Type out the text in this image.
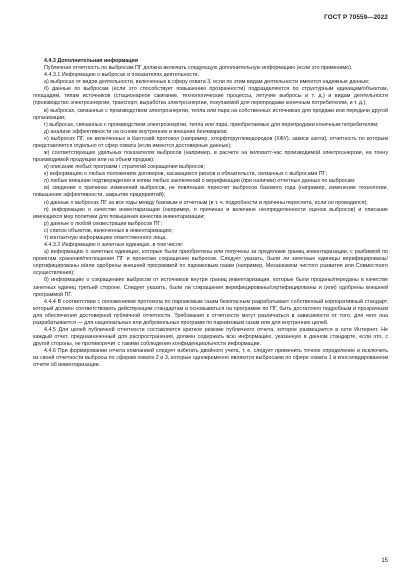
ГОСТ Р 70559—2022

4.4.3 Дополнительная информация

Публичная отчетность по выбросам ПГ должна включать следующую дополнительную информацию (если это применимо).

4.4.3.1 Информацию о выбросах и показателях деятельности.

а) выбросах от видов деятельности, включенных в сферу охвата 3, если по этим видам деятельности имеются надежные данные;

б) данные по выбросам (если это способствует повышению прозрачности) подразделяются по структурным единицам/объектам, площадям, типам источников (стационарное сжигание, технологические процессы, летучие выбросы и т. д.) и видам деятельности (производство электроэнергии, транспорт, выработка электроэнергии, покупаемой для перепродажи конечным потребителям, и т. д.);

в) выбросах, связанных с производством электроэнергии, тепла или пара на собственных источниках для продажи или передачи другой организации;

г) выбросах, связанных с производством электроэнергии, тепла или пара, приобретаемых для перепродажи конечным потребителям;

д) анализе эффективности на основе внутренних и внешних бенчмарков;

е) выбросах ПГ, не включенных в Киотский протокол (например, хлорфторуглеводородов (ХФУ), закиси азота), отчетность по которым представляется отдельно от сфер охвата (если имеются достоверные данные);

ж) соответствующих удельных показателях выбросов (например, в расчете на киловатт-час производимой электроэнергии, на тонну производимой продукции или на объем продаж);

и) описание любых программ / стратегий сокращения выбросов;

к) информацию о любых положениях договоров, касающихся рисков и обязательств, связанных с выбросами ПГ;

л) любые внешние подтверждения и копии любых заключений о верификации (при наличии) отчетных данных по выбросам;

м) сведения о причинах изменений выбросов, не повлекших пересчет выбросов базового года (например, изменение технологии, повышение эффективности, закрытие предприятий);

н) данные о выбросах ПГ за все годы между базовым и отчетным (в т. ч. подробности и причины пересчета, если он проводился);

п) информацию о качестве инвентаризации (например, о причинах и величине неопределенности оценок выбросов) и описание имеющихся мер политики для повышения качества инвентаризации;

р) данные о любой секвестрации выбросов ПГ;

с) список объектов, включенных в инвентаризацию;

т) контактную информацию ответственного лица.

4.4.3.2 Информацию о зачетных единицах, в том числе:

а) информацию о зачетных единицах, которые были приобретены или получены за пределами границ инвентаризации, с разбивкой по проектам хранения/поглощения ПГ и проектам сокращения выбросов. Следует указать, были ли зачетные единицы верифицированы/сертифицированы и/или одобрены внешней программой по парниковым газам (например, Механизмом чистого развития или Совместного осуществления);

б) информацию о сокращениях выбросов от источников внутри границ инвентаризации, которые были проданы/переданы в качестве зачетных единиц третьей стороне. Следует указать, были ли сокращения верифицированы/сертифицированы и (или) одобрены внешней программой ПГ.

4.4.4 В соответствии с положениями протокола по парниковым газам безопасным разрабатывает собственный корпоративный стандарт, который должен соответствовать действующим стандартам и основываться на программе по ПГ, быть достаточно подробным и прозрачным для обеспечения достоверной публичной отчетности. Требования к отчетности могут различаться в зависимости от того, для чего она разрабатывается — для национальных или добровольных программ по парниковым газам или для внутренних целей.

4.4.5 Для целей публичной отчетности составляется краткое резюме публичного отчета, которое размещается в сети Интернет. Не каждый отчет, предназначенный для распространения, должен содержать всю информацию, указанную в данном стандарте, если это, с другой стороны, не противоречит с такими соблюдения конфиденциальности информации.

4.4.6 При формировании отчета компанией следует избегать двойного учета, т. е. следует применить точное определение и исключить из своей отчетности выбросы по сферам охвата 2 и 3, которые одновременно являются выбросами по сфере охвата 1 в консолидированном отчете об инвентаризации.

15
